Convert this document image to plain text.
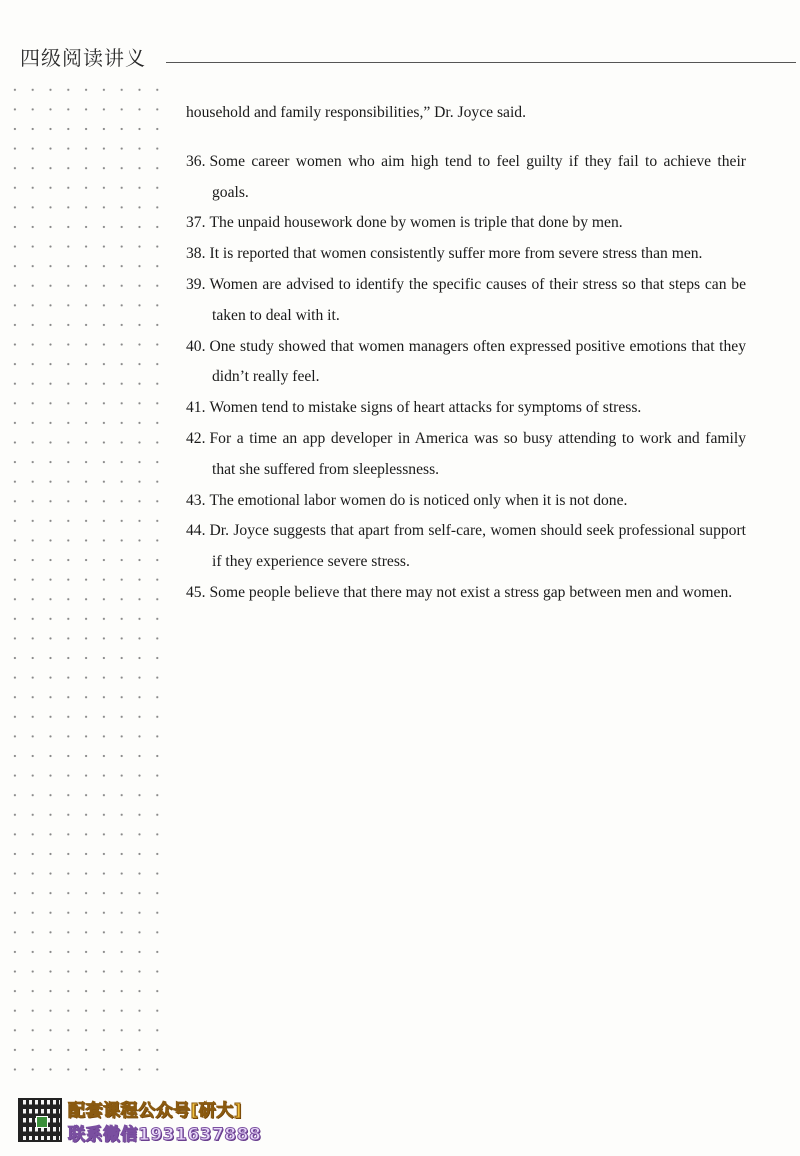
四级阅读讲义
household and family responsibilities,” Dr. Joyce said.
36. Some career women who aim high tend to feel guilty if they fail to achieve their goals.
37. The unpaid housework done by women is triple that done by men.
38. It is reported that women consistently suffer more from severe stress than men.
39. Women are advised to identify the specific causes of their stress so that steps can be taken to deal with it.
40. One study showed that women managers often expressed positive emotions that they didn’t really feel.
41. Women tend to mistake signs of heart attacks for symptoms of stress.
42. For a time an app developer in America was so busy attending to work and family that she suffered from sleeplessness.
43. The emotional labor women do is noticed only when it is not done.
44. Dr. Joyce suggests that apart from self-care, women should seek professional support if they experience severe stress.
45. Some people believe that there may not exist a stress gap between men and women.
配套课程公众号[研大]
联系微信1931637888
